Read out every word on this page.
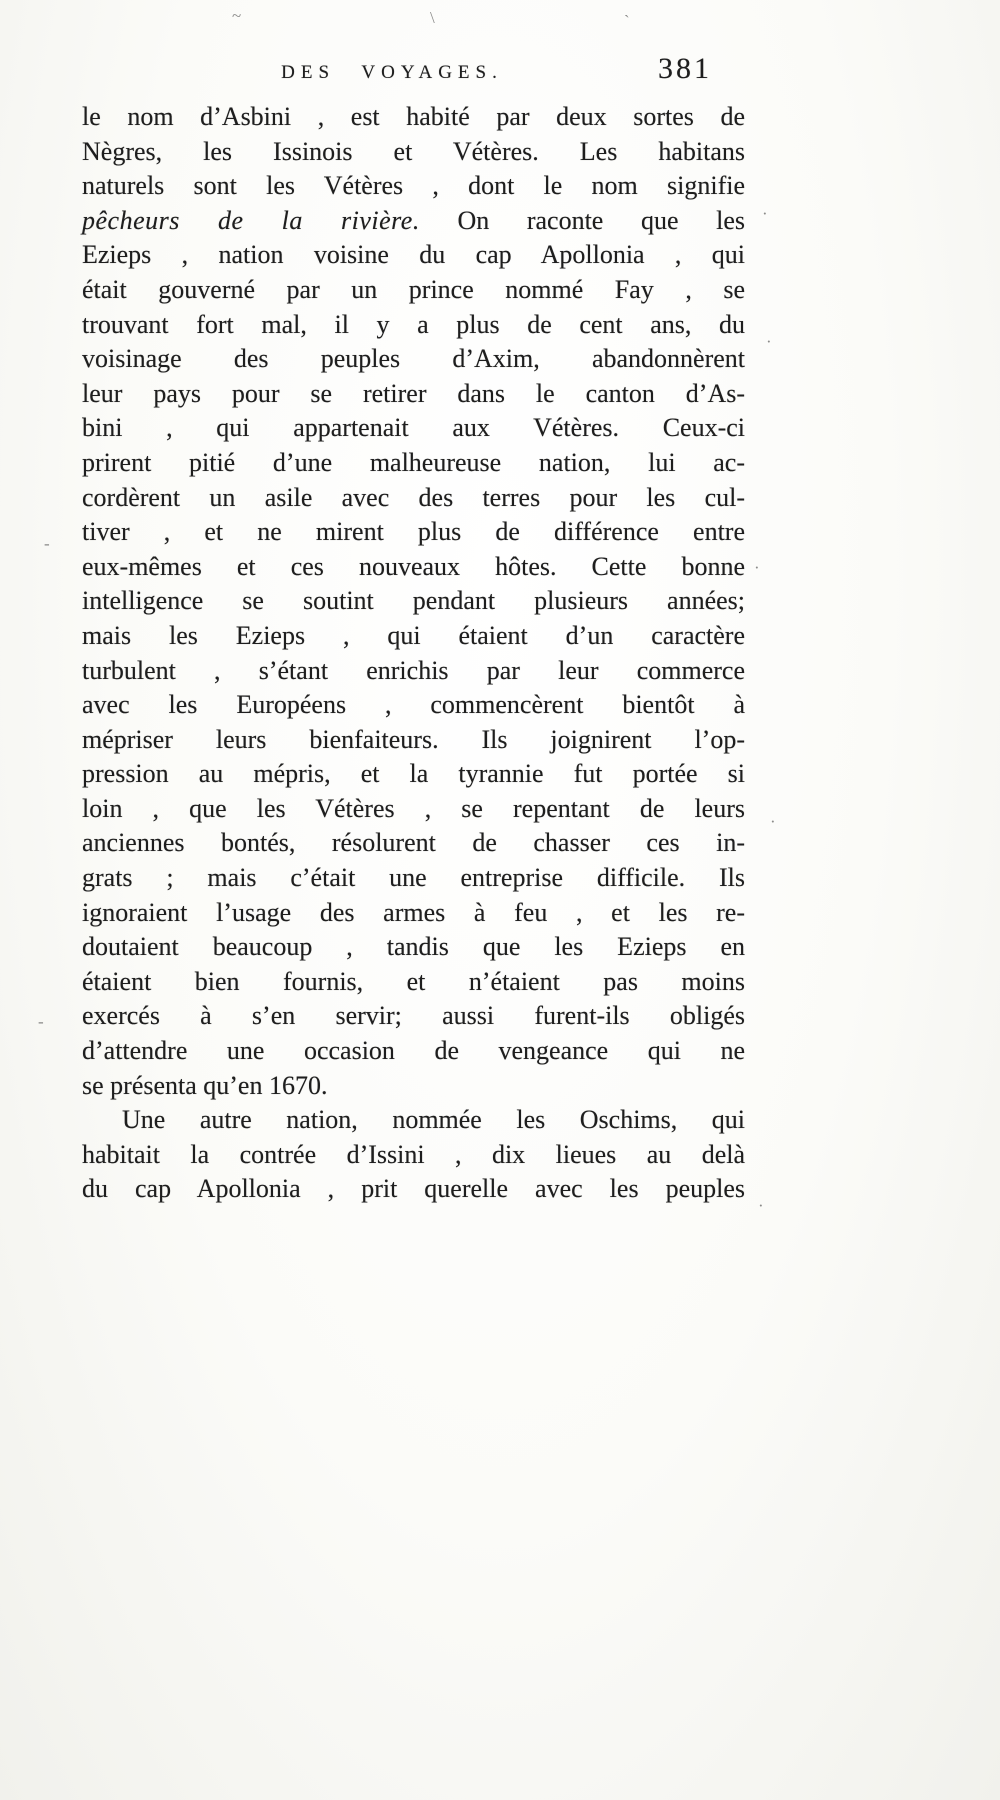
DES VOYAGES.	381
le nom d’Asbini , est habité par deux sortes de
Nègres, les Issinois et Vétères. Les habitans
naturels sont les Vétères , dont le nom signifie
pêcheurs de la rivière. On raconte que les
Ezieps , nation voisine du cap Apollonia , qui
était gouverné par un prince nommé Fay , se
trouvant fort mal, il y a plus de cent ans, du
voisinage des peuples d’Axim, abandonnèrent
leur pays pour se retirer dans le canton d’As-
bini , qui appartenait aux Vétères. Ceux-ci
prirent pitié d’une malheureuse nation, lui ac-
cordèrent un asile avec des terres pour les cul-
tiver , et ne mirent plus de différence entre
eux-mêmes et ces nouveaux hôtes. Cette bonne
intelligence se soutint pendant plusieurs années;
mais les Ezieps , qui étaient d’un caractère
turbulent , s’étant enrichis par leur commerce
avec les Européens , commencèrent bientôt à
mépriser leurs bienfaiteurs. Ils joignirent l’op-
pression au mépris, et la tyrannie fut portée si
loin , que les Vétères , se repentant de leurs
anciennes bontés, résolurent de chasser ces in-
grats ; mais c’était une entreprise difficile. Ils
ignoraient l’usage des armes à feu , et les re-
doutaient beaucoup , tandis que les Ezieps en
étaient bien fournis, et n’étaient pas moins
exercés à s’en servir; aussi furent-ils obligés
d’attendre une occasion de vengeance qui ne
se présenta qu’en 1670.
Une autre nation, nommée les Oschims, qui
habitait la contrée d’Issini , dix lieues au delà
du cap Apollonia , prit querelle avec les peuples
\	`
~
-
-
·
·
·
·
·
